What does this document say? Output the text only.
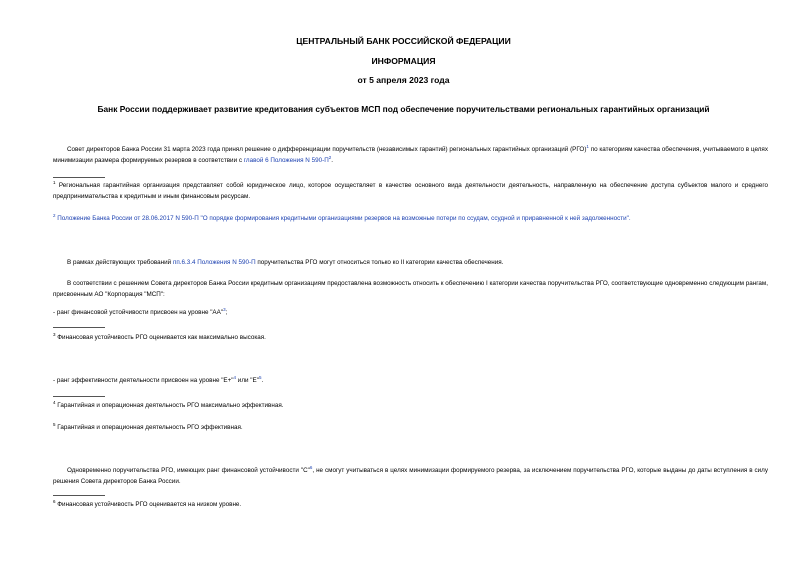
ЦЕНТРАЛЬНЫЙ БАНК РОССИЙСКОЙ ФЕДЕРАЦИИ
ИНФОРМАЦИЯ
от 5 апреля 2023 года
Банк России поддерживает развитие кредитования субъектов МСП под обеспечение поручительствами региональных гарантийных организаций
Совет директоров Банка России 31 марта 2023 года принял решение о дифференциации поручительств (независимых гарантий) региональных гарантийных организаций (РГО)$^1$ по категориям качества обеспечения, учитываемого в целях минимизации размера формируемых резервов в соответствии с главой 6 Положения N $590-П^2$.
$^1$ Региональная гарантийная организация представляет собой юридическое лицо, которое осуществляет в качестве основного вида деятельности деятельность, направленную на обеспечение доступа субъектов малого и среднего предпринимательства к кредитным и иным финансовым ресурсам.
$^2$ Положение Банка России от 28.06.2017 N 590-П "О порядке формирования кредитными организациями резервов на возможные потери по ссудам, ссудной и приравненной к ней задолженности".
В рамках действующих требований пп.6.3.4 Положения N 590-П поручительства РГО могут относиться только ко II категории качества обеспечения.
В соответствии с решением Совета директоров Банка России кредитным организациям предоставлена возможность относить к обеспечению I категории качества поручительства РГО, соответствующие одновременно следующим рангам, присвоенным АО "Корпорация "МСП":
- ранг финансовой устойчивости присвоен на уровне "АА"$^3$;
$^3$ Финансовая устойчивость РГО оценивается как максимально высокая.
- ранг эффективности деятельности присвоен на уровне "Е+"$^4$ или "Е"$^5$.
$^4$ Гарантийная и операционная деятельность РГО максимально эффективная.
$^5$ Гарантийная и операционная деятельность РГО эффективная.
Одновременно поручительства РГО, имеющих ранг финансовой устойчивости "С"$^6$, не смогут учитываться в целях минимизации формируемого резерва, за исключением поручительства РГО, которые выданы до даты вступления в силу решения Совета директоров Банка России.
$^6$ Финансовая устойчивость РГО оценивается на низком уровне.
